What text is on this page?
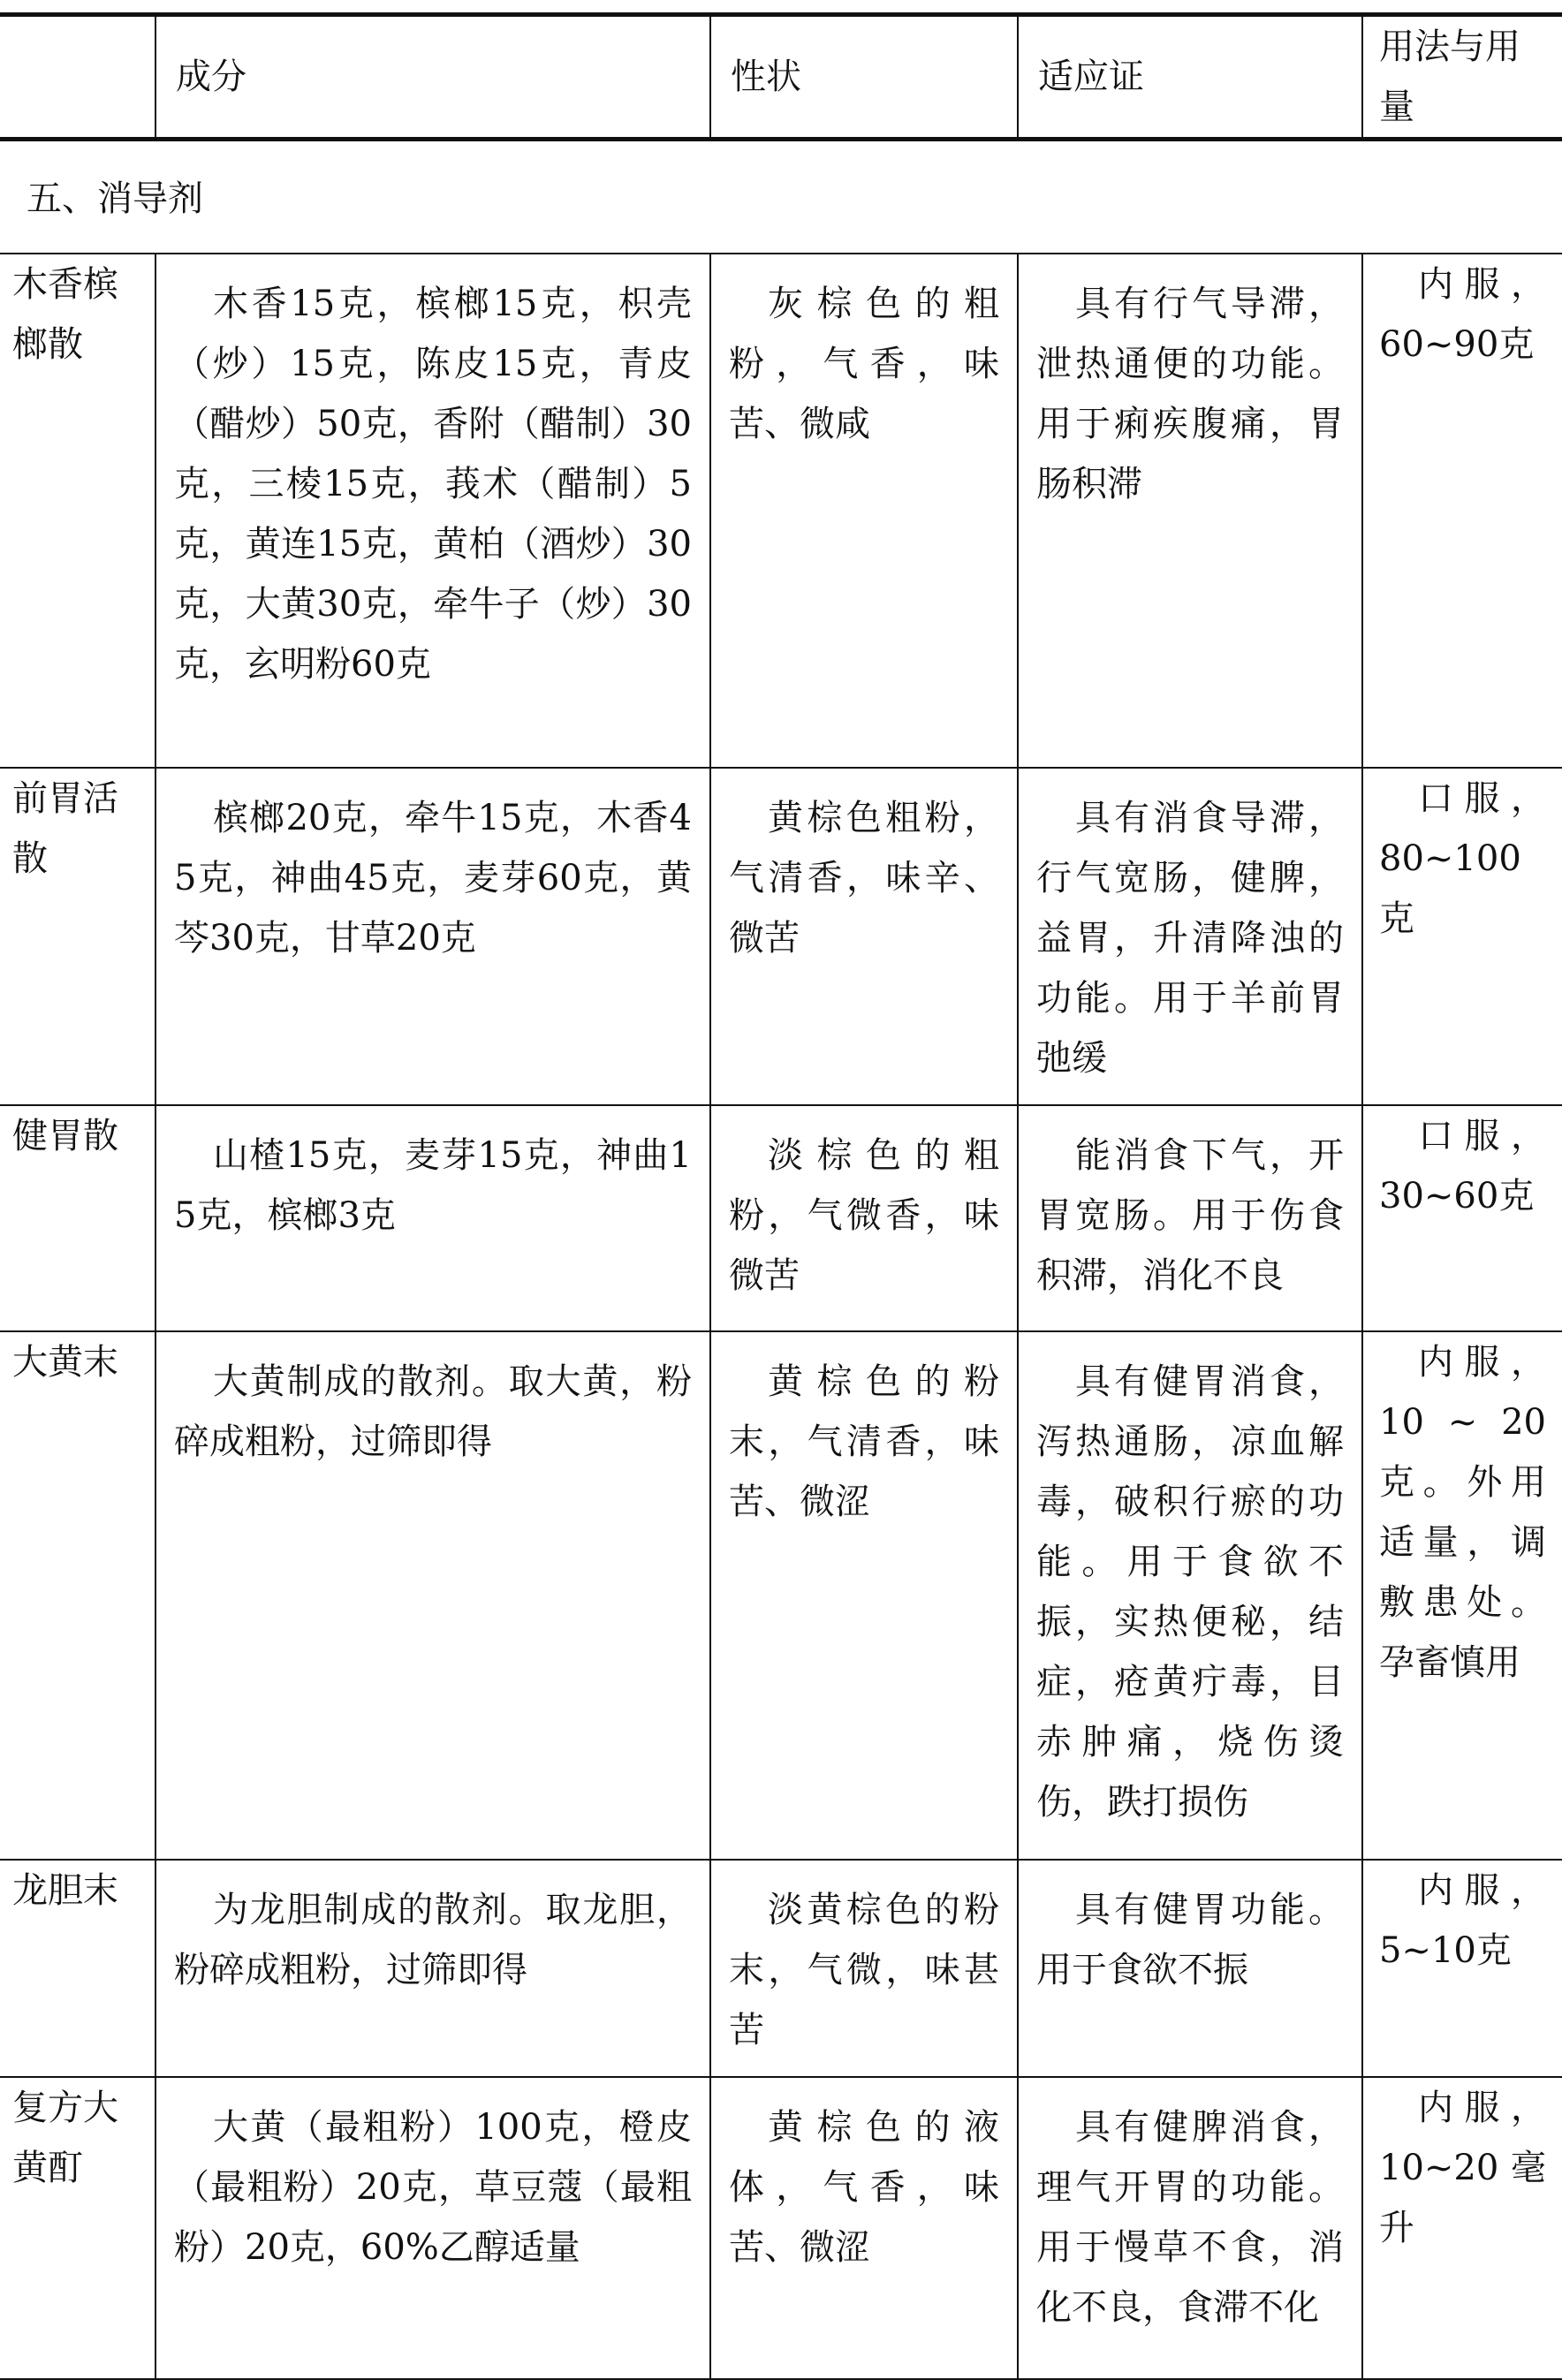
	成分	性状	适应证	用法与用量
五、消导剂				
木香槟榔散	木香15克，槟榔15克，枳壳（炒）15克，陈皮15克，青皮（醋炒）50克，香附（醋制）30克，三棱15克，莪术（醋制）5克，黄连15克，黄柏（酒炒）30克，大黄30克，牵牛子（炒）30克，玄明粉60克	灰棕色的粗粉，气香，味苦、微咸	具有行气导滞，泄热通便的功能。用于痢疾腹痛，胃肠积滞	内服，60~90克
前胃活散	槟榔20克，牵牛15克，木香45克，神曲45克，麦芽60克，黄芩30克，甘草20克	黄棕色粗粉，气清香，味辛、微苦	具有消食导滞，行气宽肠，健脾，益胃，升清降浊的功能。用于羊前胃弛缓	口服，80~100克
健胃散	山楂15克，麦芽15克，神曲15克，槟榔3克	淡棕色的粗粉，气微香，味微苦	能消食下气，开胃宽肠。用于伤食积滞，消化不良	口服，30~60克
大黄末	大黄制成的散剂。取大黄，粉碎成粗粉，过筛即得	黄棕色的粉末，气清香，味苦、微涩	具有健胃消食，泻热通肠，凉血解毒，破积行瘀的功能。用于食欲不振，实热便秘，结症，疮黄疔毒，目赤肿痛，烧伤烫伤，跌打损伤	内服，10 ~ 20克。外用适量，调敷患处。孕畜慎用
龙胆末	为龙胆制成的散剂。取龙胆，粉碎成粗粉，过筛即得	淡黄棕色的粉末，气微，味甚苦	具有健胃功能。用于食欲不振	内服，5~10克
复方大黄酊	大黄（最粗粉）100克，橙皮（最粗粉）20克，草豆蔻（最粗粉）20克，60%乙醇适量	黄棕色的液体，气香，味苦、微涩	具有健脾消食，理气开胃的功能。用于慢草不食，消化不良，食滞不化	内服，10~20毫升
